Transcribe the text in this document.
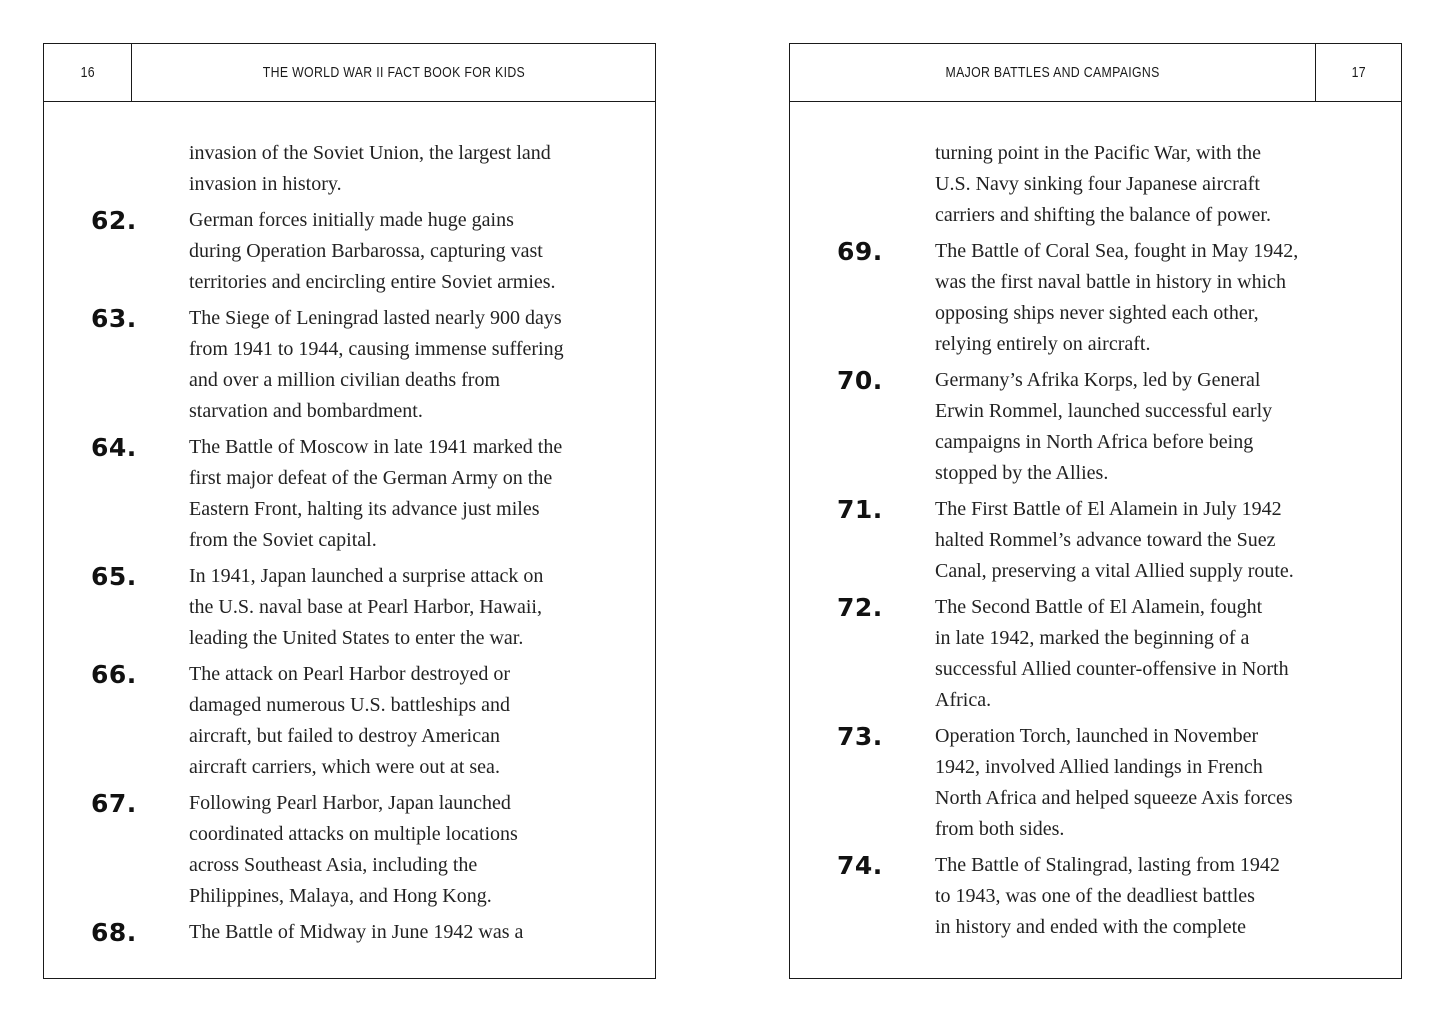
16	THE WORLD WAR II FACT BOOK FOR KIDS
invasion of the Soviet Union, the largest land
invasion in history.
62.	German forces initially made huge gains
during Operation Barbarossa, capturing vast
territories and encircling entire Soviet armies.
63.	The Siege of Leningrad lasted nearly 900 days
from 1941 to 1944, causing immense suffering
and over a million civilian deaths from
starvation and bombardment.
64.	The Battle of Moscow in late 1941 marked the
first major defeat of the German Army on the
Eastern Front, halting its advance just miles
from the Soviet capital.
65.	In 1941, Japan launched a surprise attack on
the U.S. naval base at Pearl Harbor, Hawaii,
leading the United States to enter the war.
66.	The attack on Pearl Harbor destroyed or
damaged numerous U.S. battleships and
aircraft, but failed to destroy American
aircraft carriers, which were out at sea.
67.	Following Pearl Harbor, Japan launched
coordinated attacks on multiple locations
across Southeast Asia, including the
Philippines, Malaya, and Hong Kong.
68.	The Battle of Midway in June 1942 was a
MAJOR BATTLES AND CAMPAIGNS	17
turning point in the Pacific War, with the
U.S. Navy sinking four Japanese aircraft
carriers and shifting the balance of power.
69.	The Battle of Coral Sea, fought in May 1942,
was the first naval battle in history in which
opposing ships never sighted each other,
relying entirely on aircraft.
70.	Germany’s Afrika Korps, led by General
Erwin Rommel, launched successful early
campaigns in North Africa before being
stopped by the Allies.
71.	The First Battle of El Alamein in July 1942
halted Rommel’s advance toward the Suez
Canal, preserving a vital Allied supply route.
72.	The Second Battle of El Alamein, fought
in late 1942, marked the beginning of a
successful Allied counter-offensive in North
Africa.
73.	Operation Torch, launched in November
1942, involved Allied landings in French
North Africa and helped squeeze Axis forces
from both sides.
74.	The Battle of Stalingrad, lasting from 1942
to 1943, was one of the deadliest battles
in history and ended with the complete
